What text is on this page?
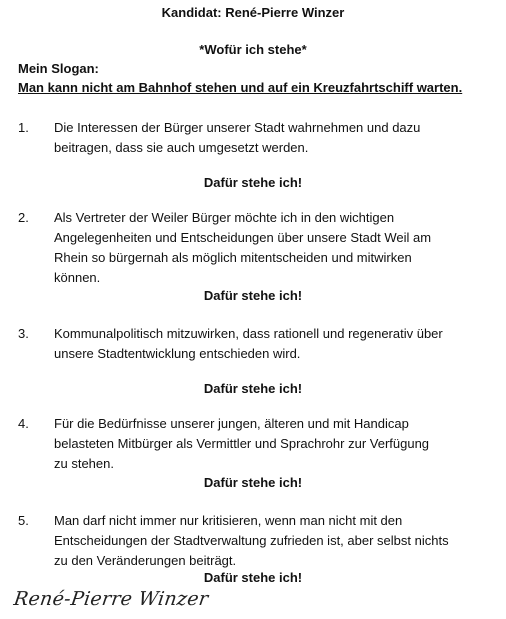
Kandidat: René-Pierre Winzer
*Wofür ich stehe*
Mein Slogan:
Man kann nicht am Bahnhof stehen und auf ein Kreuzfahrtschiff warten.
1. Die Interessen der Bürger unserer Stadt wahrnehmen und dazu
beitragen, dass sie auch umgesetzt werden.
Dafür stehe ich!
2. Als Vertreter der Weiler Bürger möchte ich in den wichtigen
Angelegenheiten und Entscheidungen über unsere Stadt Weil am
Rhein so bürgernah als möglich mitentscheiden und mitwirken
können.
Dafür stehe ich!
3. Kommunalpolitisch mitzuwirken, dass rationell und regenerativ über
unsere Stadtentwicklung entschieden wird.
Dafür stehe ich!
4. Für die Bedürfnisse unserer jungen, älteren und mit Handicap
belasteten Mitbürger als Vermittler und Sprachrohr zur Verfügung
zu stehen.
Dafür stehe ich!
5. Man darf nicht immer nur kritisieren, wenn man nicht mit den
Entscheidungen der Stadtverwaltung zufrieden ist, aber selbst nichts
zu den Veränderungen beiträgt.
Dafür stehe ich!
René-Pierre Winzer
